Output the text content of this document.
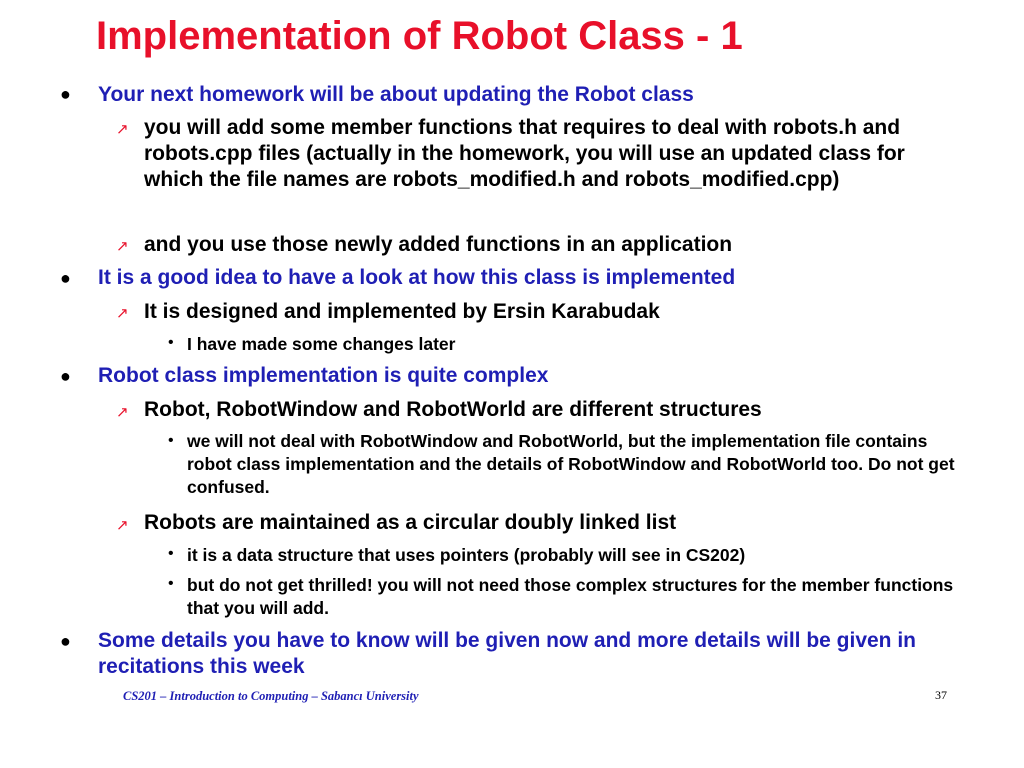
Implementation of Robot Class - 1
● Your next homework will be about updating the Robot class
↗ you will add some member functions that requires to deal with robots.h and robots.cpp files (actually in the homework, you will use an updated class for which the file names are robots_modified.h and robots_modified.cpp)
↗ and you use those newly added functions in an application
● It is a good idea to have a look at how this class is implemented
↗ It is designed and implemented by Ersin Karabudak
• I have made some changes later
● Robot class implementation is quite complex
↗ Robot, RobotWindow and RobotWorld are different structures
• we will not deal with RobotWindow and RobotWorld, but the implementation file contains robot class implementation and the details of RobotWindow and RobotWorld too. Do not get confused.
↗ Robots are maintained as a circular doubly linked list
• it is a data structure that uses pointers (probably will see in CS202)
• but do not get thrilled! you will not need those complex structures for the member functions that you will add.
● Some details you have to know will be given now and more details will be given in recitations this week
CS201 – Introduction to Computing – Sabancı University	37
